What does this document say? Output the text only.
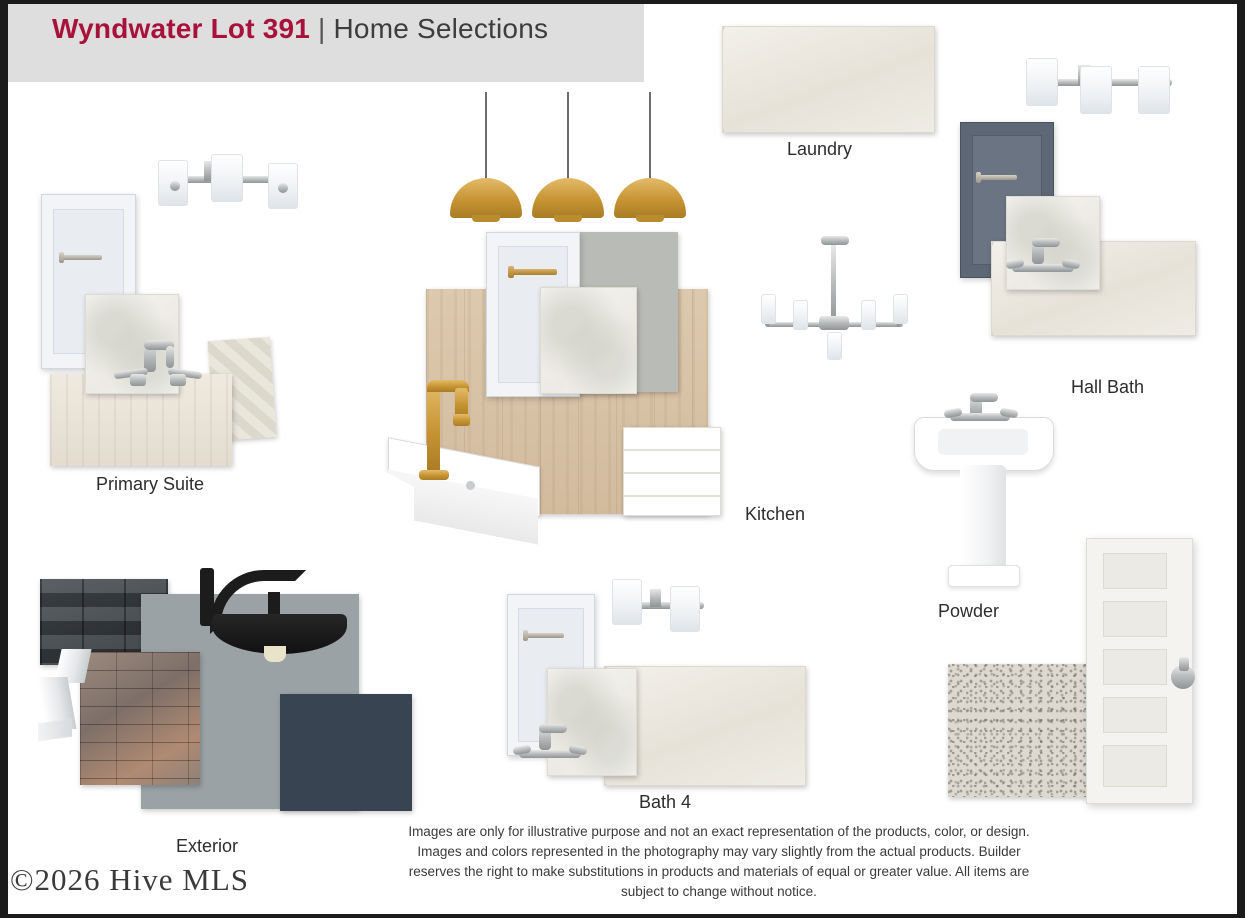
Wyndwater Lot 391 | Home Selections
Primary Suite
Laundry
Hall Bath
Kitchen
Powder
Bath 4
Exterior
Images are only for illustrative purpose and not an exact representation of the products, color, or design. Images and colors represented in the photography may vary slightly from the actual products. Builder reserves the right to make substitutions in products and materials of equal or greater value. All items are subject to change without notice.
©2026 Hive MLS
